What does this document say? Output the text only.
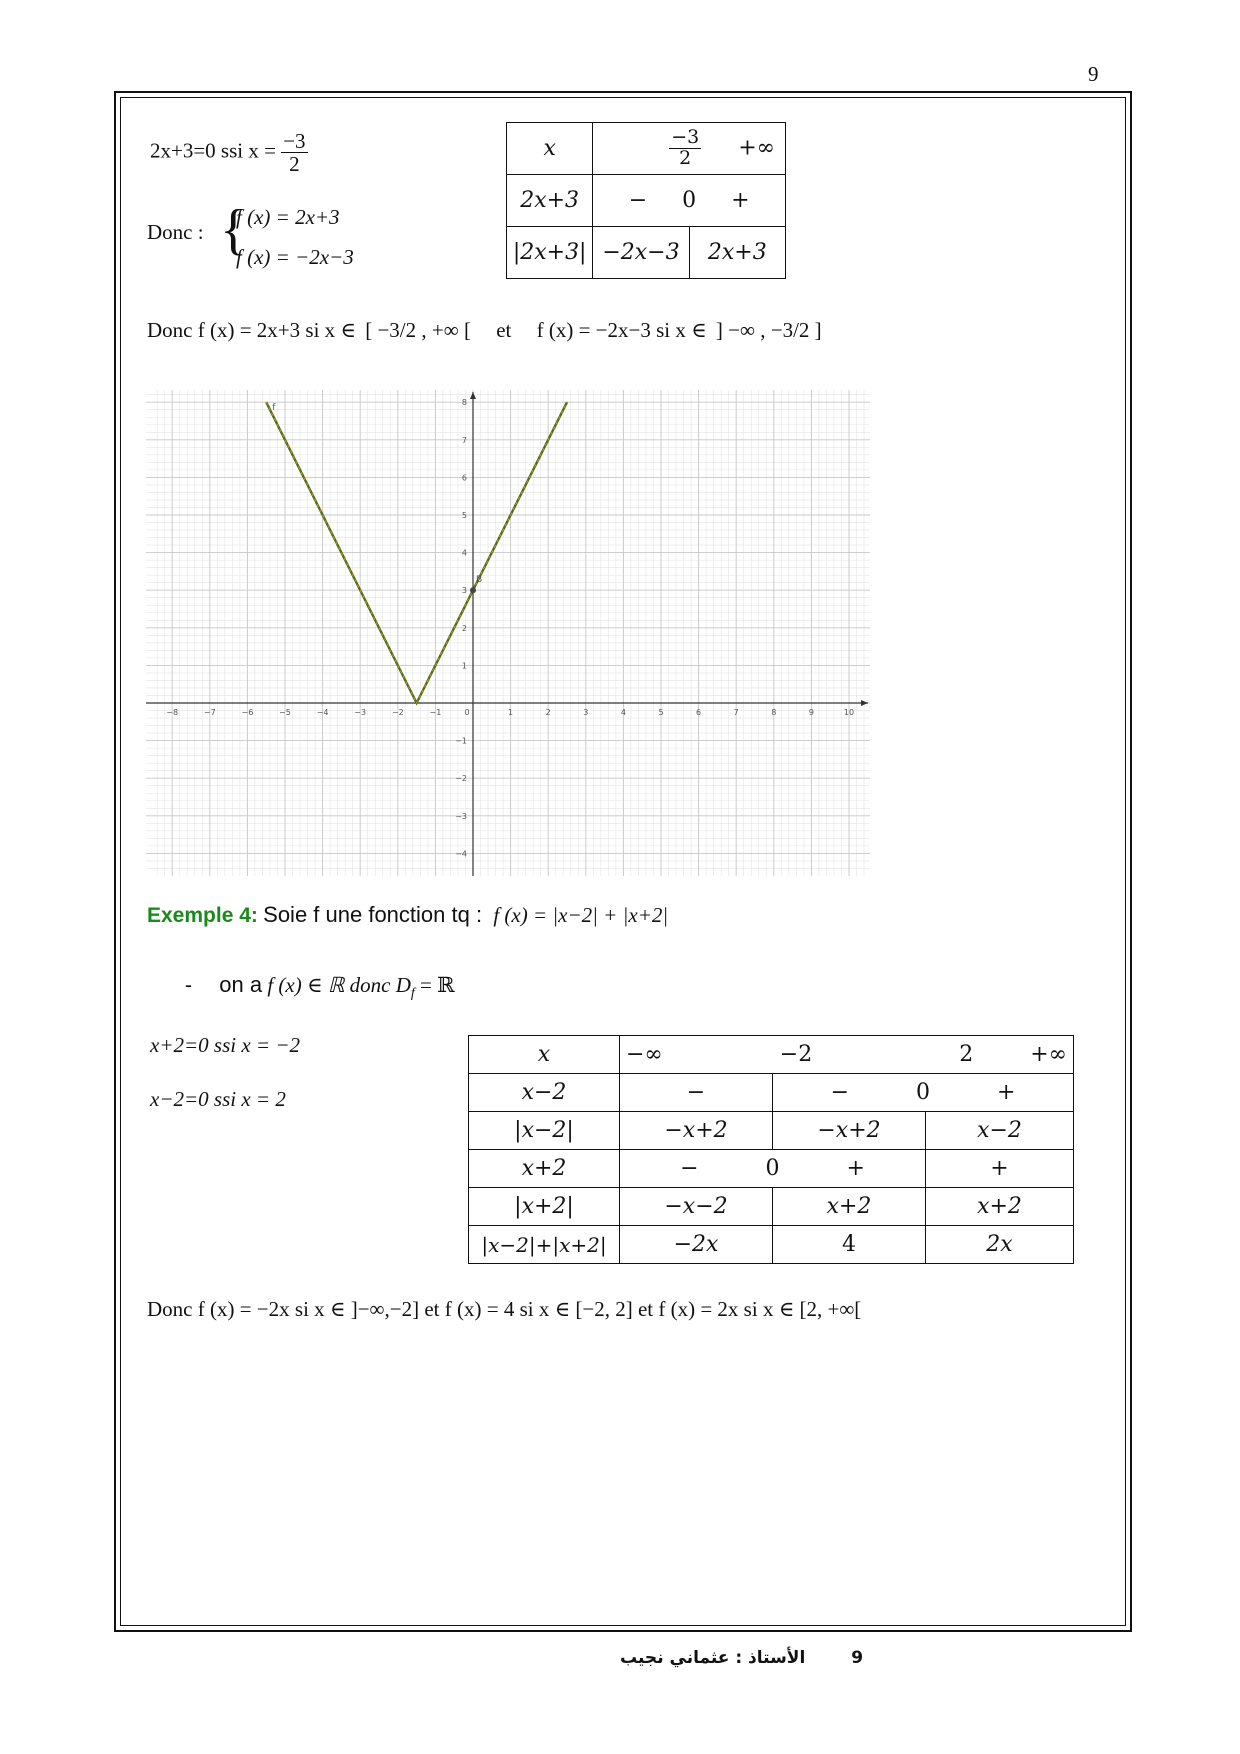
9
2x+3=0 ssi $x = \frac{-3}{2}$
Donc : {
f (x) = 2x+3
f (x) = −2x−3
x	$\frac{-3}{2}$ +∞	
2x+3	− 0 +	
|2x+3|	−2x−3	2x+3
Donc f (x) = 2x+3 si x ∈ [ −3/2 , +∞ [ et f (x) = −2x−3 si x ∈ ] −∞ , −3/2 ]
−8	−7	−6	−5	−4	−3	−2	−1	0	1	2	3	4	5	6	7	8	9	10
1
2
3
4
5
6
7
8
−1
−2
−3
−4
f
B
Exemple 4: Soie f une fonction tq : f (x) = |x−2| + |x+2|
- on a f (x) ∈ ℝ donc $D_f$ = ℝ
x+2=0 ssi x = −2
x−2=0 ssi x = 2
x	−∞ −2 2 +∞		

x−2	−	− 0 +	
|x−2|	−x+2	−x+2	x−2
x+2	− 0 +		+
|x+2|	−x−2	x+2	x+2
|x−2|+|x+2|	−2x	4	2x
Donc f (x) = −2x si x ∈ ]−∞,−2] et f (x) = 4 si x ∈ [−2, 2] et f (x) = 2x si x ∈ [2, +∞[
الأستاذ : عثماني نجيب	9
